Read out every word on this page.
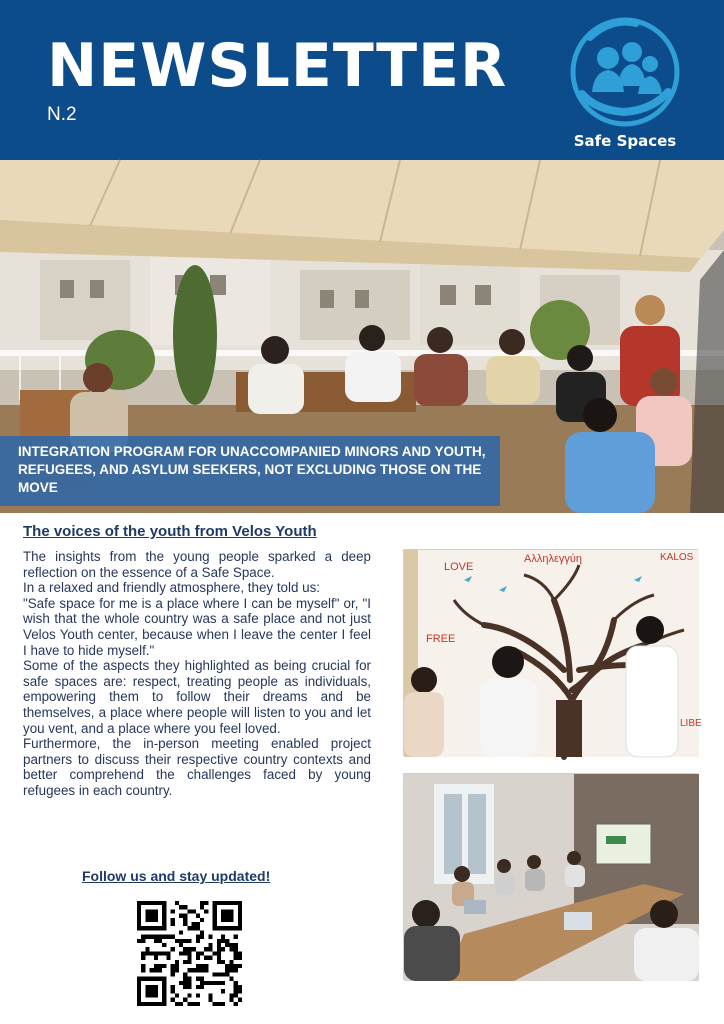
NEWSLETTER
N.2
Safe Spaces
INTEGRATION PROGRAM FOR UNACCOMPANIED MINORS AND YOUTH, REFUGEES, AND ASYLUM SEEKERS, NOT EXCLUDING THOSE ON THE MOVE
The voices of the youth from Velos Youth

The insights from the young people sparked a deep reflection on the essence of a Safe Space.

In a relaxed and friendly atmosphere, they told us:

"Safe space for me is a place where I can be myself" or, "I wish that the whole country was a safe place and not just Velos Youth center, because when I leave the center I feel I have to hide myself."

Some of the aspects they highlighted as being crucial for safe spaces are: respect, treating people as individuals, empowering them to follow their dreams and be themselves, a place where people will listen to you and let you vent, and a place where you feel loved.

Furthermore, the in-person meeting enabled project partners to discuss their respective country contexts and better comprehend the challenges faced by young refugees in each country.

Follow us and stay updated!
LOVE
Αλληλεγγύη	KALOS
FREE
LIBE
